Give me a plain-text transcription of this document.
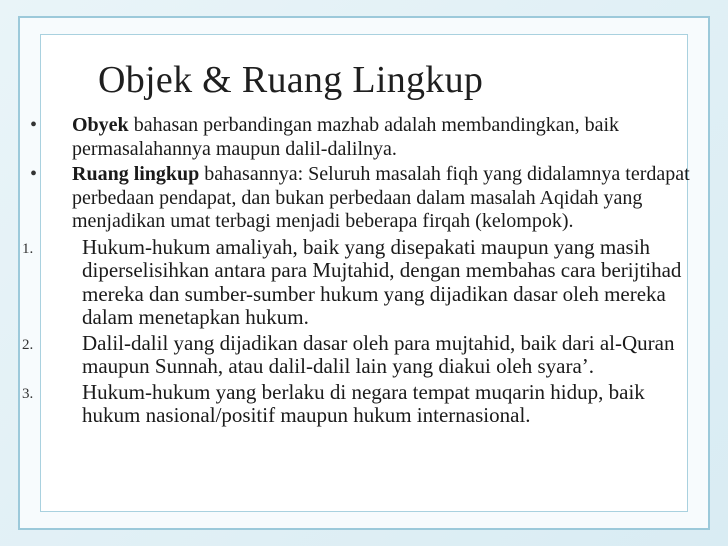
Objek & Ruang Lingkup
• Obyek bahasan perbandingan mazhab adalah membandingkan, baik permasalahannya maupun dalil-dalilnya.
• Ruang lingkup bahasannya: Seluruh masalah fiqh yang didalamnya terdapat perbedaan pendapat, dan bukan perbedaan dalam masalah Aqidah yang menjadikan umat terbagi menjadi beberapa firqah (kelompok).
1. Hukum-hukum amaliyah, baik yang disepakati maupun yang masih diperselisihkan antara para Mujtahid, dengan membahas cara berijtihad mereka dan sumber-sumber hukum yang dijadikan dasar oleh mereka dalam menetapkan hukum.
2. Dalil-dalil yang dijadikan dasar oleh para mujtahid, baik dari al-Quran maupun Sunnah, atau dalil-dalil lain yang diakui oleh syara’.
3. Hukum-hukum yang berlaku di negara tempat muqarin hidup, baik hukum nasional/positif maupun hukum internasional.
